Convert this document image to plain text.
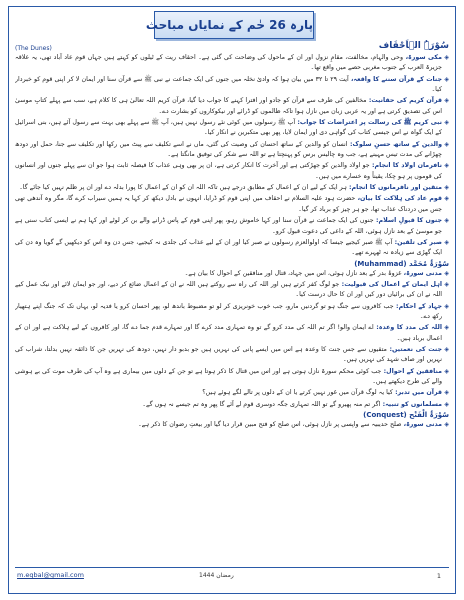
پارہ 26 حٰم کے نمایاں مباحث
سُوْرَۃُ الۡاَحْقَاف
(The Dunes)
◈
مکی سورۃ، وحی والہام، مخالفت، مقامِ نزول اور ان کے ماحول کی وضاحت کی گئی ہے۔ احقاف ریت کے ٹیلوں کو کہتے ہیں جہاں قوم عاد آباد تھی، یہ علاقہ جزیرۃ العرب کے جنوب مغربی حصے میں واقع تھا۔
◈
جنات کے قرآن سننے کا واقعہ، آیت ۲۹ تا ۳۲ میں بیان ہوا کہ وادیٔ نخلہ میں جنوں کی ایک جماعت نے نبی ﷺ سے قرآن سنا اور ایمان لا کر اپنی قوم کو خبردار کیا۔
◈
قرآن کریم کی حقانیت: مخالفین کی طرف سے قرآن کو جادو اور افترا کہنے کا جواب دیا گیا، قرآن کریم اللہ تعالیٰ ہی کا کلام ہے، سب سے پہلے کتابِ موسیٰ اس کی تصدیق کرتی ہے اور یہ عربی زبان میں نازل ہوا تاکہ ظالموں کو ڈرائے اور نیکوکاروں کو بشارت دے۔
◈
نبی کریم ﷺ کی رسالت پر اعتراضات کا جواب: آپ ﷺ رسولوں میں کوئی نئے رسول نہیں ہیں، آپ ﷺ سے پہلے بھی بہت سے رسول آئے ہیں، بنی اسرائیل کے ایک گواہ نے اس جیسی کتاب کی گواہی دی اور ایمان لایا، پھر بھی متکبرین نے انکار کیا۔
◈
والدین کے ساتھ حسنِ سلوک: انسان کو والدین کے ساتھ احسان کی وصیت کی گئی، ماں نے اسے تکلیف سے پیٹ میں رکھا اور تکلیف سے جنا، حمل اور دودھ چھڑانے کی مدت تیس مہینے ہے، جب وہ چالیس برس کو پہنچتا ہے تو اللہ سے شکر کی توفیق مانگتا ہے۔
◈
نافرمان اولاد کا انجام: جو اولاد والدین کو جھڑکتی ہے اور آخرت کا انکار کرتی ہے، ان پر بھی وہی عذاب کا فیصلہ ثابت ہوا جو ان سے پہلے جنوں اور انسانوں کی قوموں پر ہو چکا، یقیناً وہ خسارے میں ہیں۔
◈
متقین اور نافرمانوں کا انجام: ہر ایک کے لیے ان کے اعمال کے مطابق درجے ہیں تاکہ اللہ ان کو ان کے اعمال کا پورا بدلہ دے اور ان پر ظلم نہیں کیا جائے گا۔
◈
قوم عاد کی ہلاکت کا بیان، حضرت ہود علیہ السلام نے احقاف میں اپنی قوم کو ڈرایا، انہوں نے بادل دیکھ کر کہا یہ ہمیں سیراب کرے گا، مگر وہ آندھی تھی جس میں دردناک عذاب تھا، جو ہر چیز کو برباد کر گیا۔
◈
جنوں کا قبولِ اسلام: جنوں کی ایک جماعت نے قرآن سنا اور کہا خاموش رہو، پھر اپنی قوم کے پاس ڈرانے والے بن کر لوٹے اور کہا ہم نے ایسی کتاب سنی ہے جو موسیٰ کے بعد نازل ہوئی، اللہ کے داعی کی دعوت قبول کرو۔
◈
صبر کی تلقین: آپ ﷺ صبر کیجیے جیسا کہ اولوالعزم رسولوں نے صبر کیا اور ان کے لیے عذاب کی جلدی نہ کیجیے، جس دن وہ اس کو دیکھیں گے گویا وہ دن کی ایک گھڑی سے زیادہ نہ ٹھہرے تھے۔
سُوْرَۃُ مُحَمَّد (Muhammad)
◈
مدنی سورۃ، غزوۂ بدر کے بعد نازل ہوئی، اس میں جہاد، قتال اور منافقین کے احوال کا بیان ہے۔
◈
اہل ایمان کے اعمال کی قبولیت: جو لوگ کفر کرتے ہیں اور اللہ کی راہ سے روکتے ہیں اللہ نے ان کے اعمال ضائع کر دیے، اور جو ایمان لائے اور نیک عمل کیے اللہ نے ان کی برائیاں دور کیں اور ان کا حال درست کیا۔
◈
جہاد کے احکام: جب کافروں سے جنگ ہو تو گردنیں مارو، جب خوب خونریزی کر لو تو مضبوط باندھ لو، پھر احسان کرو یا فدیہ لو، یہاں تک کہ جنگ اپنے ہتھیار رکھ دے۔
◈
اللہ کی مدد کا وعدہ: اے ایمان والو! اگر تم اللہ کی مدد کرو گے تو وہ تمہاری مدد کرے گا اور تمہارے قدم جما دے گا، اور کافروں کے لیے ہلاکت ہے اور ان کے اعمال برباد ہیں۔
◈
جنت کی نعمتیں: متقیوں سے جس جنت کا وعدہ ہے اس میں ایسے پانی کی نہریں ہیں جو بدبو دار نہیں، دودھ کی نہریں جن کا ذائقہ نہیں بدلتا، شراب کی نہریں اور صاف شہد کی نہریں ہیں۔
◈
منافقین کے احوال: جب کوئی محکم سورۃ نازل ہوتی ہے اور اس میں قتال کا ذکر ہوتا ہے تو جن کے دلوں میں بیماری ہے وہ آپ کی طرف موت کی بے ہوشی والے کی طرح دیکھتے ہیں۔
◈
قرآن میں تدبر: کیا یہ لوگ قرآن میں غور نہیں کرتے یا ان کے دلوں پر تالے لگے ہوئے ہیں؟
◈
مسلمانوں کو تنبیہ: اگر تم منہ پھیرو گے تو اللہ تمہاری جگہ دوسری قوم لے آئے گا پھر وہ تم جیسے نہ ہوں گے۔
سُوْرَۃُ الْفَتْح (Conquest)
◈
مدنی سورۃ، صلح حدیبیہ سے واپسی پر نازل ہوئی، اس صلح کو فتح مبین قرار دیا گیا اور بیعتِ رضوان کا ذکر ہے۔
m.eqbal@gmail.com	رمضان 1444	1
